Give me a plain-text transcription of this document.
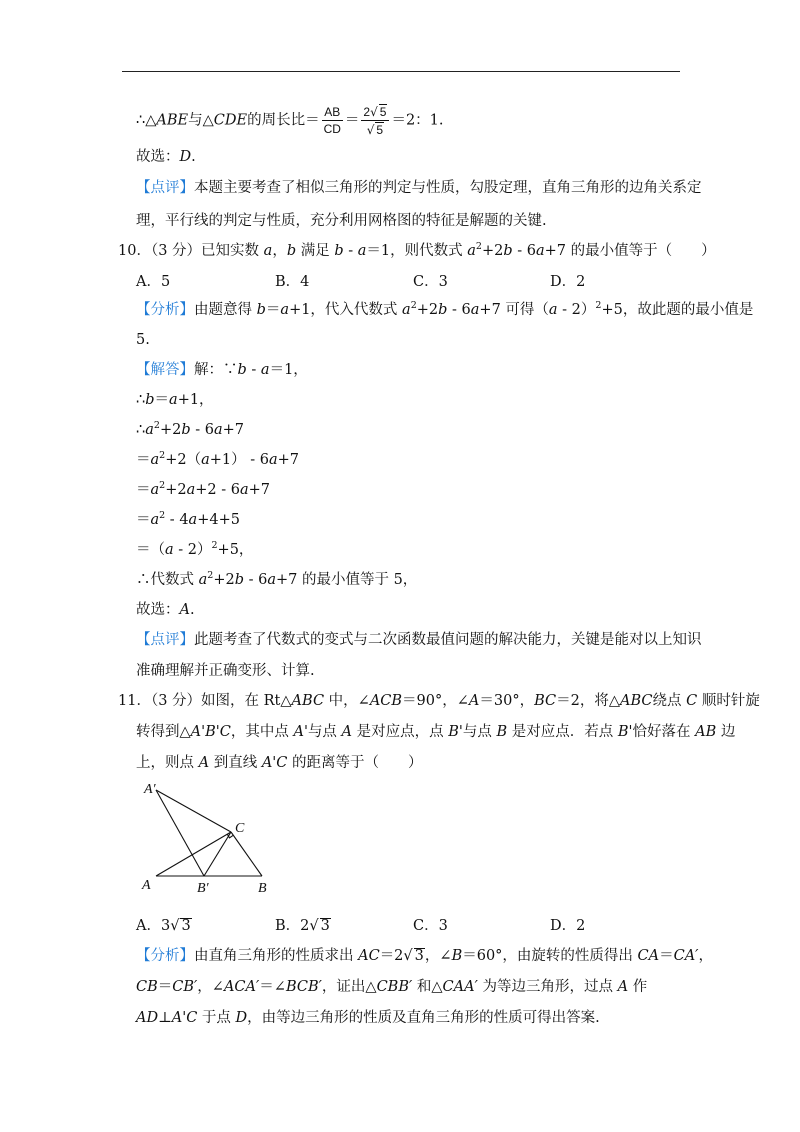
∴△ABE与△CDE的周长比＝ $\frac{AB}{CD} = \frac{2√ 5}{√ 5} =2$：1.
故选：D.
【点评】本题主要考查了相似三角形的判定与性质，勾股定理，直角三角形的边角关系定
理，平行线的判定与性质，充分利用网格图的特征是解题的关键.
10．（3 分）已知实数 a，b 满足 b - a＝1，则代数式 $a^2+2b - 6a+7$ 的最小值等于（　　）
A．5	B．4	C．3	D．2
【分析】由题意得 b＝a+1，代入代数式 $a^2+2b - 6a+7$ 可得（a - 2）$^2$+5，故此题的最小值是
5.
【解答】解：∵b - a＝1，
∴b＝a+1，
$\therefore a^2+2b - 6a+7$
$=a^2+2(a+1) - 6a+7$
$=a^2+2a+2 - 6a+7$
$=a^2 - 4a+4+5$
＝（a - 2）$^2$+5，
∴代数式 $a^2+2b - 6a+7$ 的最小值等于 5，
故选：A.
【点评】此题考查了代数式的变式与二次函数最值问题的解决能力，关键是能对以上知识
准确理解并正确变形、计算.
11．（3 分）如图，在 Rt△ABC 中，∠ACB＝90°，∠A＝30°，BC＝2，将△ABC绕点 C 顺时针旋
转得到△A'B'C，其中点 A'与点 A 是对应点，点 B'与点 B 是对应点．若点 B'恰好落在 AB 边
上，则点 A 到直线 A'C 的距离等于（　　）
A′
C
A	B′	B
A．3√ 3	B．2√ 3	C．3	D．2
【分析】由直角三角形的性质求出 AC＝2√ 3，∠B＝60°，由旋转的性质得出 CA＝CA′，
CB＝CB′，∠ACA′＝∠BCB′，证出△CBB′ 和△CAA′ 为等边三角形，过点 A 作
AD⊥A'C 于点 D，由等边三角形的性质及直角三角形的性质可得出答案.
